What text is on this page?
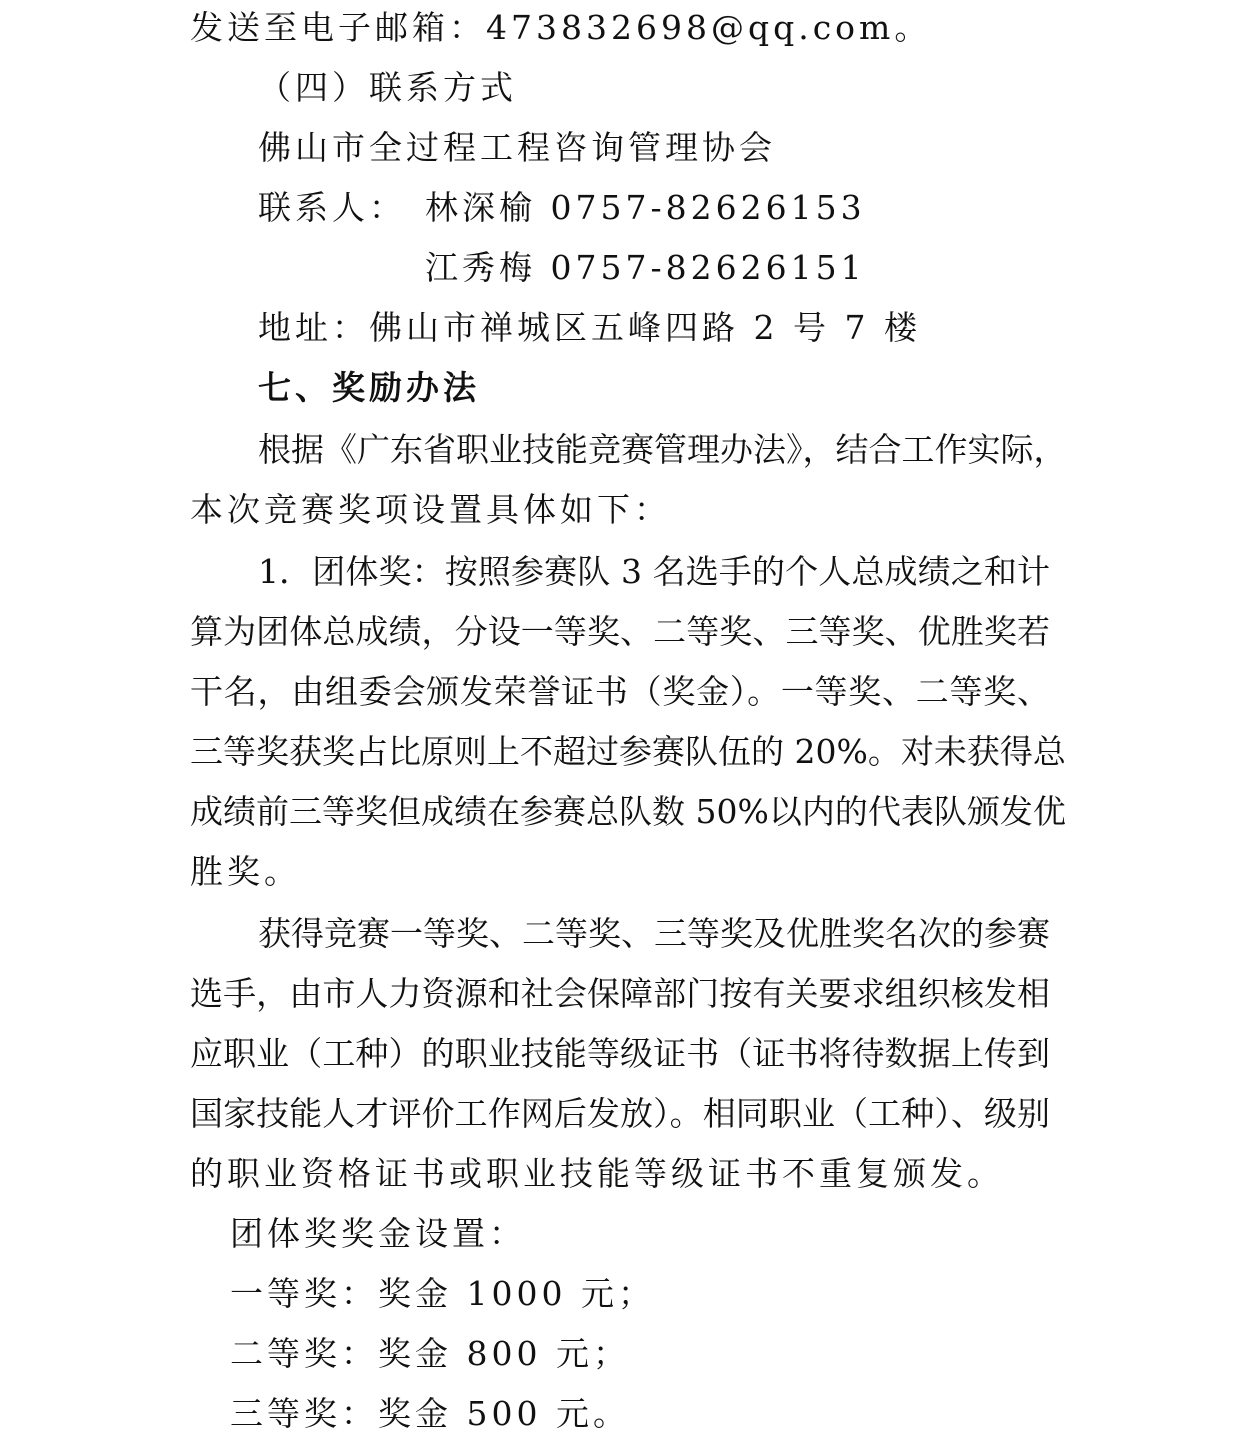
发送至电子邮箱：473832698@qq.com。
（四）联系方式
佛山市全过程工程咨询管理协会
联系人： 林深榆 0757-82626153
江秀梅 0757-82626151
地址：佛山市禅城区五峰四路 2 号 7 楼
七、奖励办法
根据《广东省职业技能竞赛管理办法》，结合工作实际，
本次竞赛奖项设置具体如下：
1．团体奖：按照参赛队 3 名选手的个人总成绩之和计
算为团体总成绩，分设一等奖、二等奖、三等奖、优胜奖若
干名，由组委会颁发荣誉证书（奖金）。一等奖、二等奖、
三等奖获奖占比原则上不超过参赛队伍的 20%。对未获得总
成绩前三等奖但成绩在参赛总队数 50%以内的代表队颁发优
胜奖。
获得竞赛一等奖、二等奖、三等奖及优胜奖名次的参赛
选手，由市人力资源和社会保障部门按有关要求组织核发相
应职业（工种）的职业技能等级证书（证书将待数据上传到
国家技能人才评价工作网后发放）。相同职业（工种）、级别
的职业资格证书或职业技能等级证书不重复颁发。
团体奖奖金设置：
一等奖：奖金 1000 元；
二等奖：奖金 800 元；
三等奖：奖金 500 元。
